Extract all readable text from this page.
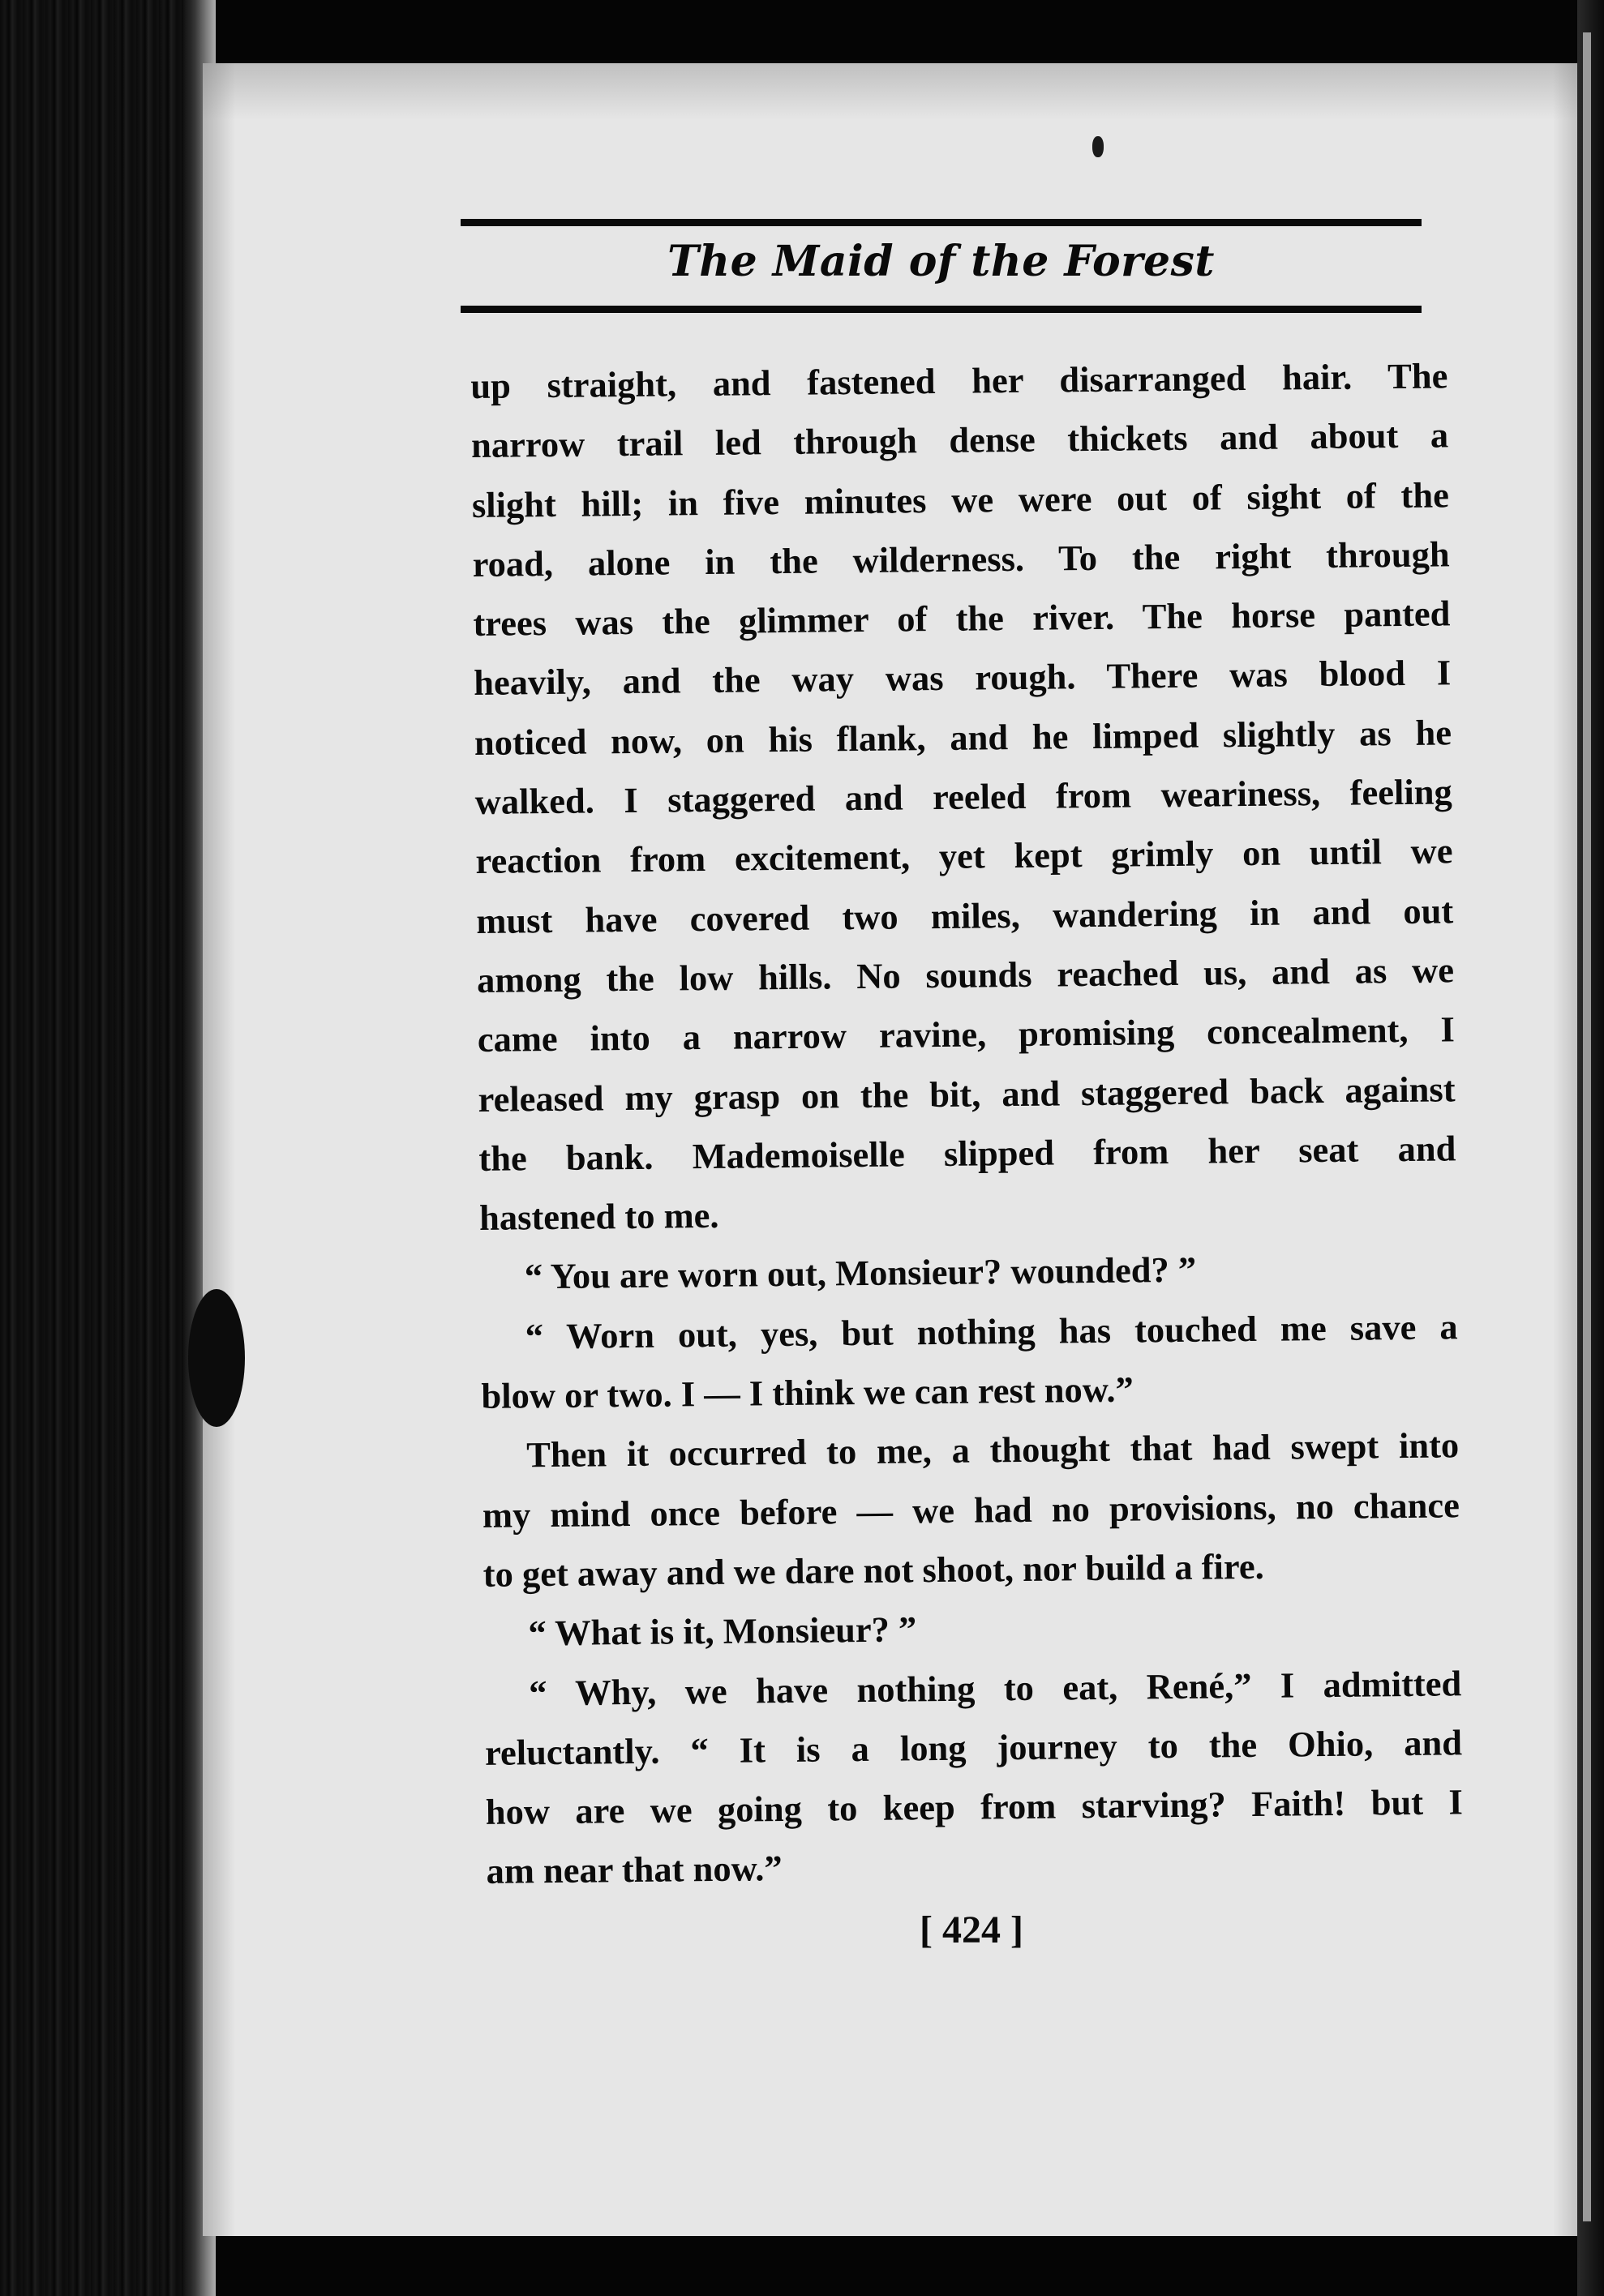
The Maid of the Forest
up straight, and fastened her disarranged hair. The
narrow trail led through dense thickets and about a
slight hill; in five minutes we were out of sight of the
road, alone in the wilderness. To the right through
trees was the glimmer of the river. The horse panted
heavily, and the way was rough. There was blood I
noticed now, on his flank, and he limped slightly as he
walked. I staggered and reeled from weariness, feeling
reaction from excitement, yet kept grimly on until we
must have covered two miles, wandering in and out
among the low hills. No sounds reached us, and as we
came into a narrow ravine, promising concealment, I
released my grasp on the bit, and staggered back against
the bank. Mademoiselle slipped from her seat and
hastened to me.
“ You are worn out, Monsieur? wounded? ”
“ Worn out, yes, but nothing has touched me save a
blow or two. I — I think we can rest now.”
Then it occurred to me, a thought that had swept into
my mind once before — we had no provisions, no chance
to get away and we dare not shoot, nor build a fire.
“ What is it, Monsieur? ”
“ Why, we have nothing to eat, René,” I admitted
reluctantly. “ It is a long journey to the Ohio, and
how are we going to keep from starving? Faith! but I
am near that now.”
[ 424 ]
